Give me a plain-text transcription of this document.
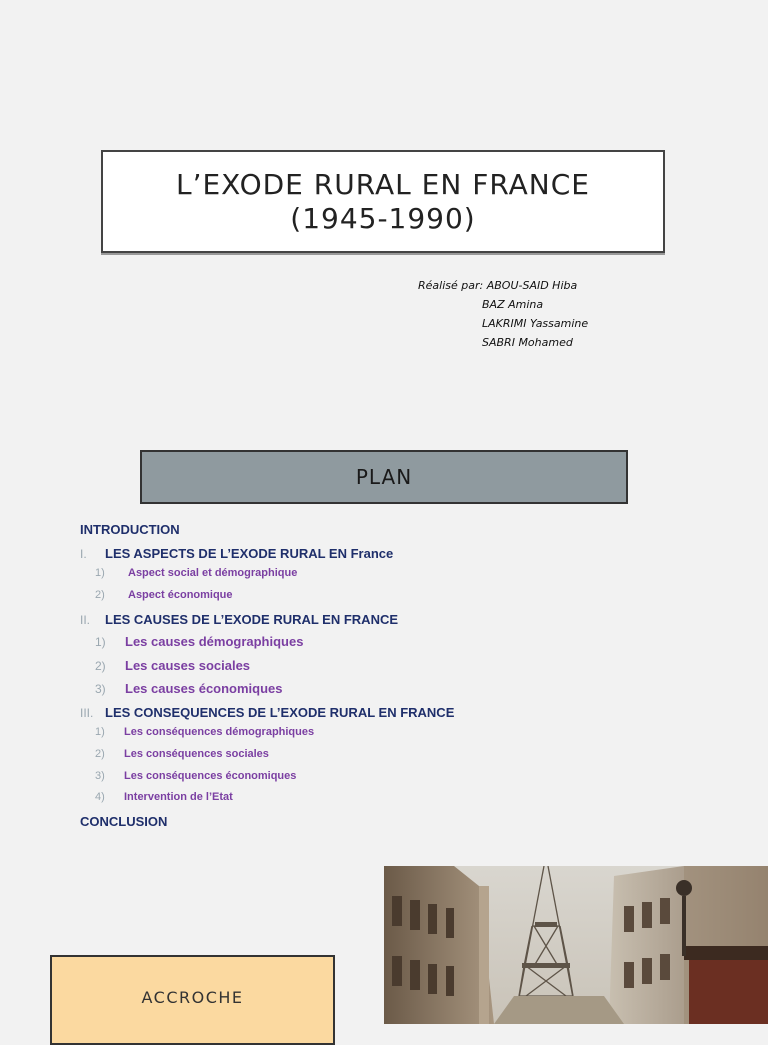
L’EXODE RURAL EN FRANCE
(1945-1990)
Réalisé par: ABOU-SAID Hiba
BAZ Amina
LAKRIMI Yassamine
SABRI Mohamed
PLAN
INTRODUCTION
I. LES ASPECTS DE L’EXODE RURAL EN France
1) Aspect social et démographique
2) Aspect économique
II. LES CAUSES DE L’EXODE RURAL EN FRANCE
1) Les causes démographiques
2) Les causes sociales
3) Les causes économiques
III. LES CONSEQUENCES DE L’EXODE RURAL EN FRANCE
1) Les conséquences démographiques
2) Les conséquences sociales
3) Les conséquences économiques
4) Intervention de l’Etat
CONCLUSION
ACCROCHE
